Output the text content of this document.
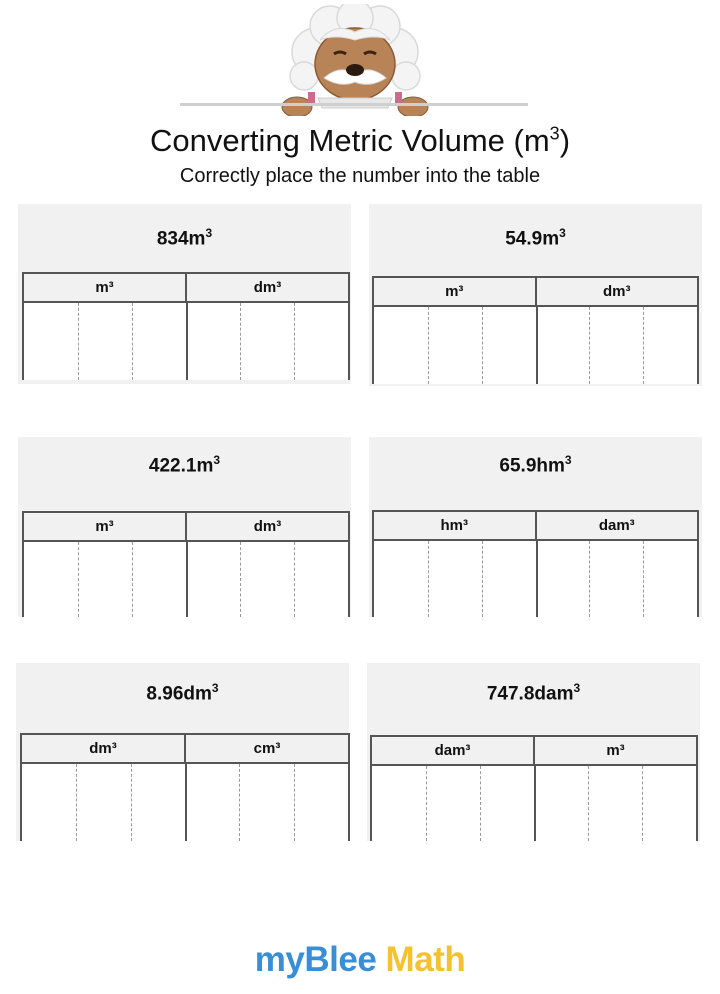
Converting Metric Volume $(m^3)$
Correctly place the number into the table
$834m^3$
m³	dm³
$54.9m^3$
m³	dm³
$422.1m^3$
m³	dm³
$65.9hm^3$
hm³	dam³
$8.96dm^3$
dm³	cm³
747.8dam$^3$
dam³	m³
myBlee Math
